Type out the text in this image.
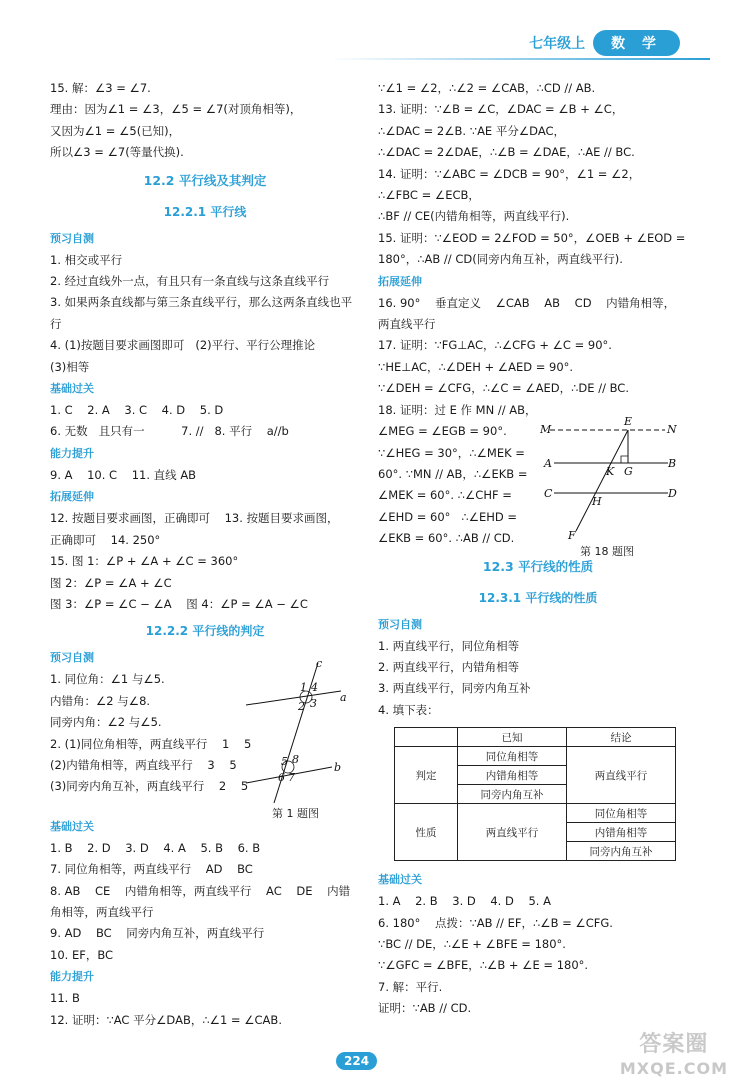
七年级上	数 学
15. 解：∠3 = ∠7.
理由：因为∠1 = ∠3，∠5 = ∠7(对顶角相等)，
又因为∠1 = ∠5(已知)，
所以∠3 = ∠7(等量代换).
12.2 平行线及其判定
12.2.1 平行线
预习自测
1. 相交或平行
2. 经过直线外一点，有且只有一条直线与这条直线平行
3. 如果两条直线都与第三条直线平行，那么这两条直线也平行
4. (1)按题目要求画图即可   (2)平行、平行公理推论
(3)相等
基础过关
1. C    2. A    3. C    4. D    5. D
6. 无数   且只有一          7. //   8. 平行    a//b
能力提升
9. A    10. C    11. 直线 AB
拓展延伸
12. 按题目要求画图，正确即可    13. 按题目要求画图，
正确即可    14. 250°
15. 图 1：∠P + ∠A + ∠C = 360°
图 2：∠P = ∠A + ∠C
图 3：∠P = ∠C − ∠A    图 4：∠P = ∠A − ∠C
12.2.2 平行线的判定
预习自测
1. 同位角：∠1 与∠5.
内错角：∠2 与∠8.
同旁内角：∠2 与∠5.
2. (1)同位角相等，两直线平行    1    5
(2)内错角相等，两直线平行    3    5
(3)同旁内角互补，两直线平行    2    5
基础过关
1. B    2. D    3. D    4. A    5. B    6. B
7. 同位角相等，两直线平行    AD    BC
8. AB    CE    内错角相等，两直线平行    AC    DE    内错
角相等，两直线平行
9. AD    BC    同旁内角互补，两直线平行
10. EF，BC
能力提升
11. B
12. 证明：∵AC 平分∠DAB，∴∠1 = ∠CAB.
c
a
b
1 4
2 3
5 8
6 7
第 1 题图
∵∠1 = ∠2，∴∠2 = ∠CAB，∴CD // AB.
13. 证明：∵∠B = ∠C，∠DAC = ∠B + ∠C，
∴∠DAC = 2∠B. ∵AE 平分∠DAC，
∴∠DAC = 2∠DAE，∴∠B = ∠DAE，∴AE // BC.
14. 证明：∵∠ABC = ∠DCB = 90°，∠1 = ∠2，
∴∠FBC = ∠ECB，
∴BF // CE(内错角相等，两直线平行).
15. 证明：∵∠EOD = 2∠FOD = 50°，∠OEB + ∠EOD =
180°，∴AB // CD(同旁内角互补，两直线平行).
拓展延伸
16. 90°    垂直定义    ∠CAB    AB    CD    内错角相等，
两直线平行
17. 证明：∵FG⊥AC，∴∠CFG + ∠C = 90°.
∵HE⊥AC，∴∠DEH + ∠AED = 90°.
∵∠DEH = ∠CFG，∴∠C = ∠AED，∴DE // BC.
18. 证明：过 E 作 MN // AB，
∠MEG = ∠EGB = 90°.
∵∠HEG = 30°，∴∠MEK =
60°. ∵MN // AB，∴∠EKB =
∠MEK = 60°. ∴∠CHF =
∠EHD = 60°   ∴∠EHD =
∠EKB = 60°. ∴AB // CD.
12.3 平行线的性质
12.3.1 平行线的性质
预习自测
1. 两直线平行，同位角相等
2. 两直线平行，内错角相等
3. 两直线平行，同旁内角互补
4. 填下表：
	已知	结论
判定	同位角相等	两直线平行
	内错角相等	
	同旁内角互补	
性质	两直线平行	同位角相等
		内错角相等
		同旁内角互补
基础过关
1. A    2. B    3. D    4. D    5. A
6. 180°    点拨：∵AB // EF，∴∠B = ∠CFG.
∵BC // DE，∴∠E + ∠BFE = 180°.
∵∠GFC = ∠BFE，∴∠B + ∠E = 180°.
7. 解：平行.
证明：∵AB // CD.
M	N
E
A	B
K G
C	D
H
F
第 18 题图
224
答案圈
MXQE.COM
